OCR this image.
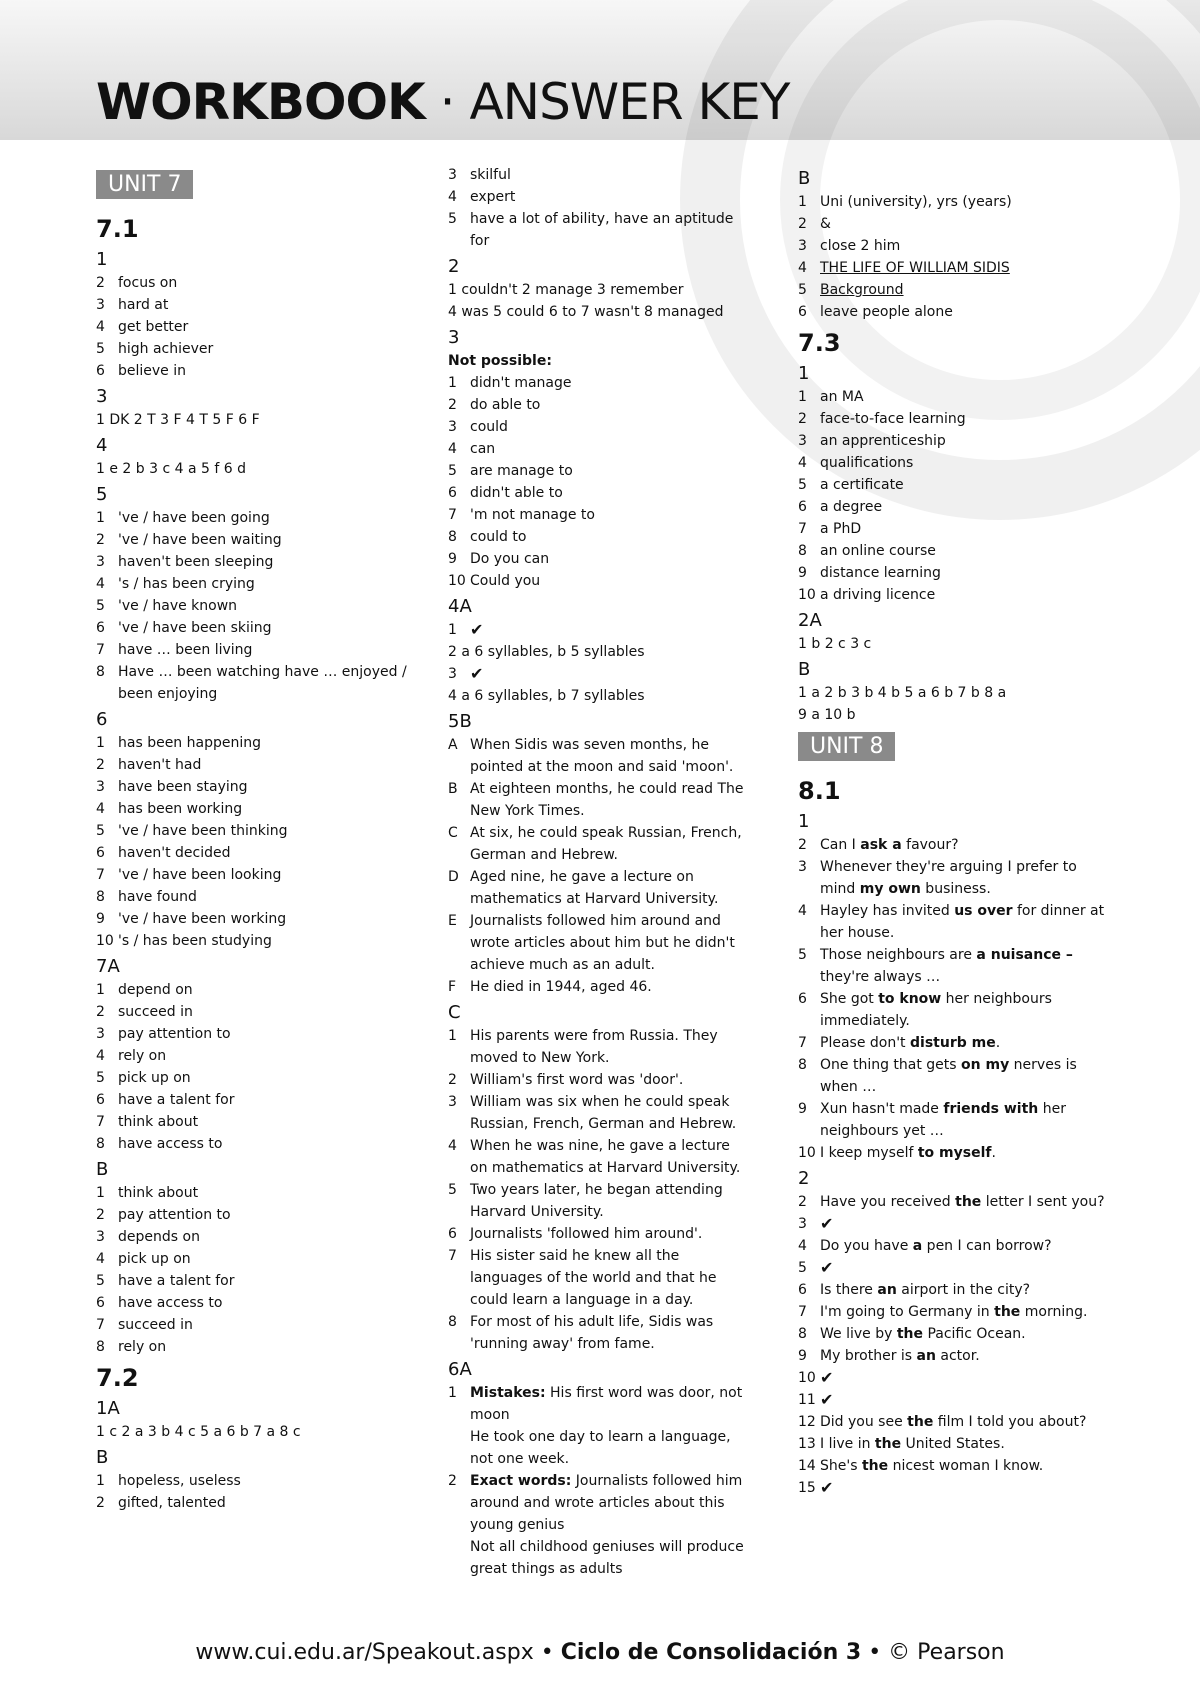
WORKBOOK · ANSWER KEY
UNIT 7
7.1
1
2 focus on
3 hard at
4 get better
5 high achiever
6 believe in
3
1 DK 2 T 3 F 4 T 5 F 6 F
4
1 e 2 b 3 c 4 a 5 f 6 d
5
1 've / have been going
2 've / have been waiting
3 haven't been sleeping
4 's / has been crying
5 've / have known
6 've / have been skiing
7 have … been living
8 Have … been watching have … enjoyed / been enjoying
6
1 has been happening
2 haven't had
3 have been staying
4 has been working
5 've / have been thinking
6 haven't decided
7 've / have been looking
8 have found
9 've / have been working
10 's / has been studying
7A
1 depend on
2 succeed in
3 pay attention to
4 rely on
5 pick up on
6 have a talent for
7 think about
8 have access to
B
1 think about
2 pay attention to
3 depends on
4 pick up on
5 have a talent for
6 have access to
7 succeed in
8 rely on
7.2
1A
1 c 2 a 3 b 4 c 5 a 6 b 7 a 8 c
B
1 hopeless, useless
2 gifted, talented
3 skilful
4 expert
5 have a lot of ability, have an aptitude for
2
1 couldn't 2 manage 3 remember
4 was 5 could 6 to 7 wasn't 8 managed
3
Not possible:
1 didn't manage
2 do able to
3 could
4 can
5 are manage to
6 didn't able to
7 'm not manage to
8 could to
9 Do you can
10 Could you
4A
1 ✔
2 a 6 syllables, b 5 syllables
3 ✔
4 a 6 syllables, b 7 syllables
5B
A When Sidis was seven months, he pointed at the moon and said 'moon'.
B At eighteen months, he could read The New York Times.
C At six, he could speak Russian, French, German and Hebrew.
D Aged nine, he gave a lecture on mathematics at Harvard University.
E Journalists followed him around and wrote articles about him but he didn't achieve much as an adult.
F He died in 1944, aged 46.
C
1 His parents were from Russia. They moved to New York.
2 William's first word was 'door'.
3 William was six when he could speak Russian, French, German and Hebrew.
4 When he was nine, he gave a lecture on mathematics at Harvard University.
5 Two years later, he began attending Harvard University.
6 Journalists 'followed him around'.
7 His sister said he knew all the languages of the world and that he could learn a language in a day.
8 For most of his adult life, Sidis was 'running away' from fame.
6A
1 Mistakes: His first word was door, not moon
He took one day to learn a language, not one week.
2 Exact words: Journalists followed him around and wrote articles about this young genius
Not all childhood geniuses will produce great things as adults
B
1 Uni (university), yrs (years)
2 &
3 close 2 him
4 THE LIFE OF WILLIAM SIDIS
5 Background
6 leave people alone
7.3
1
1 an MA
2 face-to-face learning
3 an apprenticeship
4 qualifications
5 a certificate
6 a degree
7 a PhD
8 an online course
9 distance learning
10 a driving licence
2A
1 b 2 c 3 c
B
1 a 2 b 3 b 4 b 5 a 6 b 7 b 8 a
9 a 10 b
UNIT 8
8.1
1
2 Can I ask a favour?
3 Whenever they're arguing I prefer to mind my own business.
4 Hayley has invited us over for dinner at her house.
5 Those neighbours are a nuisance – they're always …
6 She got to know her neighbours immediately.
7 Please don't disturb me.
8 One thing that gets on my nerves is when …
9 Xun hasn't made friends with her neighbours yet …
10 I keep myself to myself.
2
2 Have you received the letter I sent you?
3 ✔
4 Do you have a pen I can borrow?
5 ✔
6 Is there an airport in the city?
7 I'm going to Germany in the morning.
8 We live by the Pacific Ocean.
9 My brother is an actor.
10 ✔
11 ✔
12 Did you see the film I told you about?
13 I live in the United States.
14 She's the nicest woman I know.
15 ✔
www.cui.edu.ar/Speakout.aspx • Ciclo de Consolidación 3 • © Pearson
